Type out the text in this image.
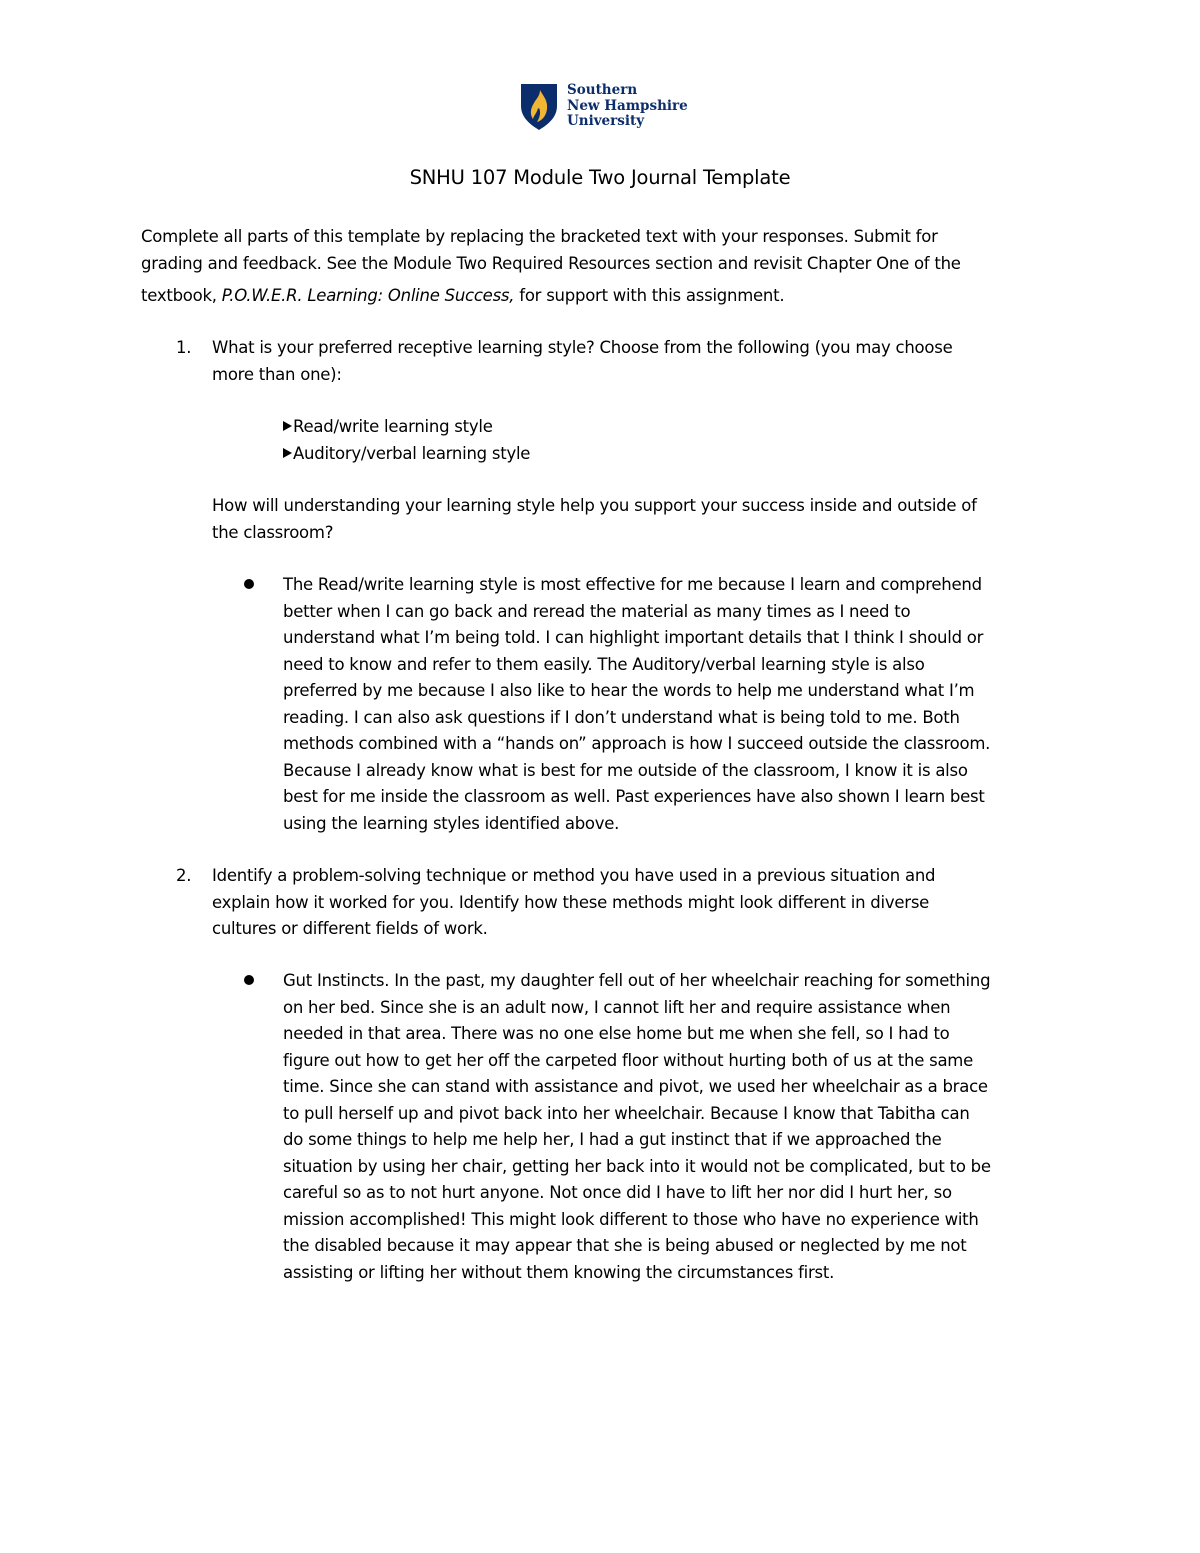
Southern
New Hampshire
University
SNHU 107 Module Two Journal Template
Complete all parts of this template by replacing the bracketed text with your responses. Submit for
grading and feedback. See the Module Two Required Resources section and revisit Chapter One of the
textbook, P.O.W.E.R. Learning: Online Success, for support with this assignment.
1. What is your preferred receptive learning style? Choose from the following (you may choose
more than one):
Read/write learning style
Auditory/verbal learning style
How will understanding your learning style help you support your success inside and outside of
the classroom?
The Read/write learning style is most effective for me because I learn and comprehend
better when I can go back and reread the material as many times as I need to
understand what I’m being told. I can highlight important details that I think I should or
need to know and refer to them easily. The Auditory/verbal learning style is also
preferred by me because I also like to hear the words to help me understand what I’m
reading. I can also ask questions if I don’t understand what is being told to me. Both
methods combined with a “hands on” approach is how I succeed outside the classroom.
Because I already know what is best for me outside of the classroom, I know it is also
best for me inside the classroom as well. Past experiences have also shown I learn best
using the learning styles identified above.
2. Identify a problem-solving technique or method you have used in a previous situation and
explain how it worked for you. Identify how these methods might look different in diverse
cultures or different fields of work.
Gut Instincts. In the past, my daughter fell out of her wheelchair reaching for something
on her bed. Since she is an adult now, I cannot lift her and require assistance when
needed in that area. There was no one else home but me when she fell, so I had to
figure out how to get her off the carpeted floor without hurting both of us at the same
time. Since she can stand with assistance and pivot, we used her wheelchair as a brace
to pull herself up and pivot back into her wheelchair. Because I know that Tabitha can
do some things to help me help her, I had a gut instinct that if we approached the
situation by using her chair, getting her back into it would not be complicated, but to be
careful so as to not hurt anyone. Not once did I have to lift her nor did I hurt her, so
mission accomplished! This might look different to those who have no experience with
the disabled because it may appear that she is being abused or neglected by me not
assisting or lifting her without them knowing the circumstances first.
